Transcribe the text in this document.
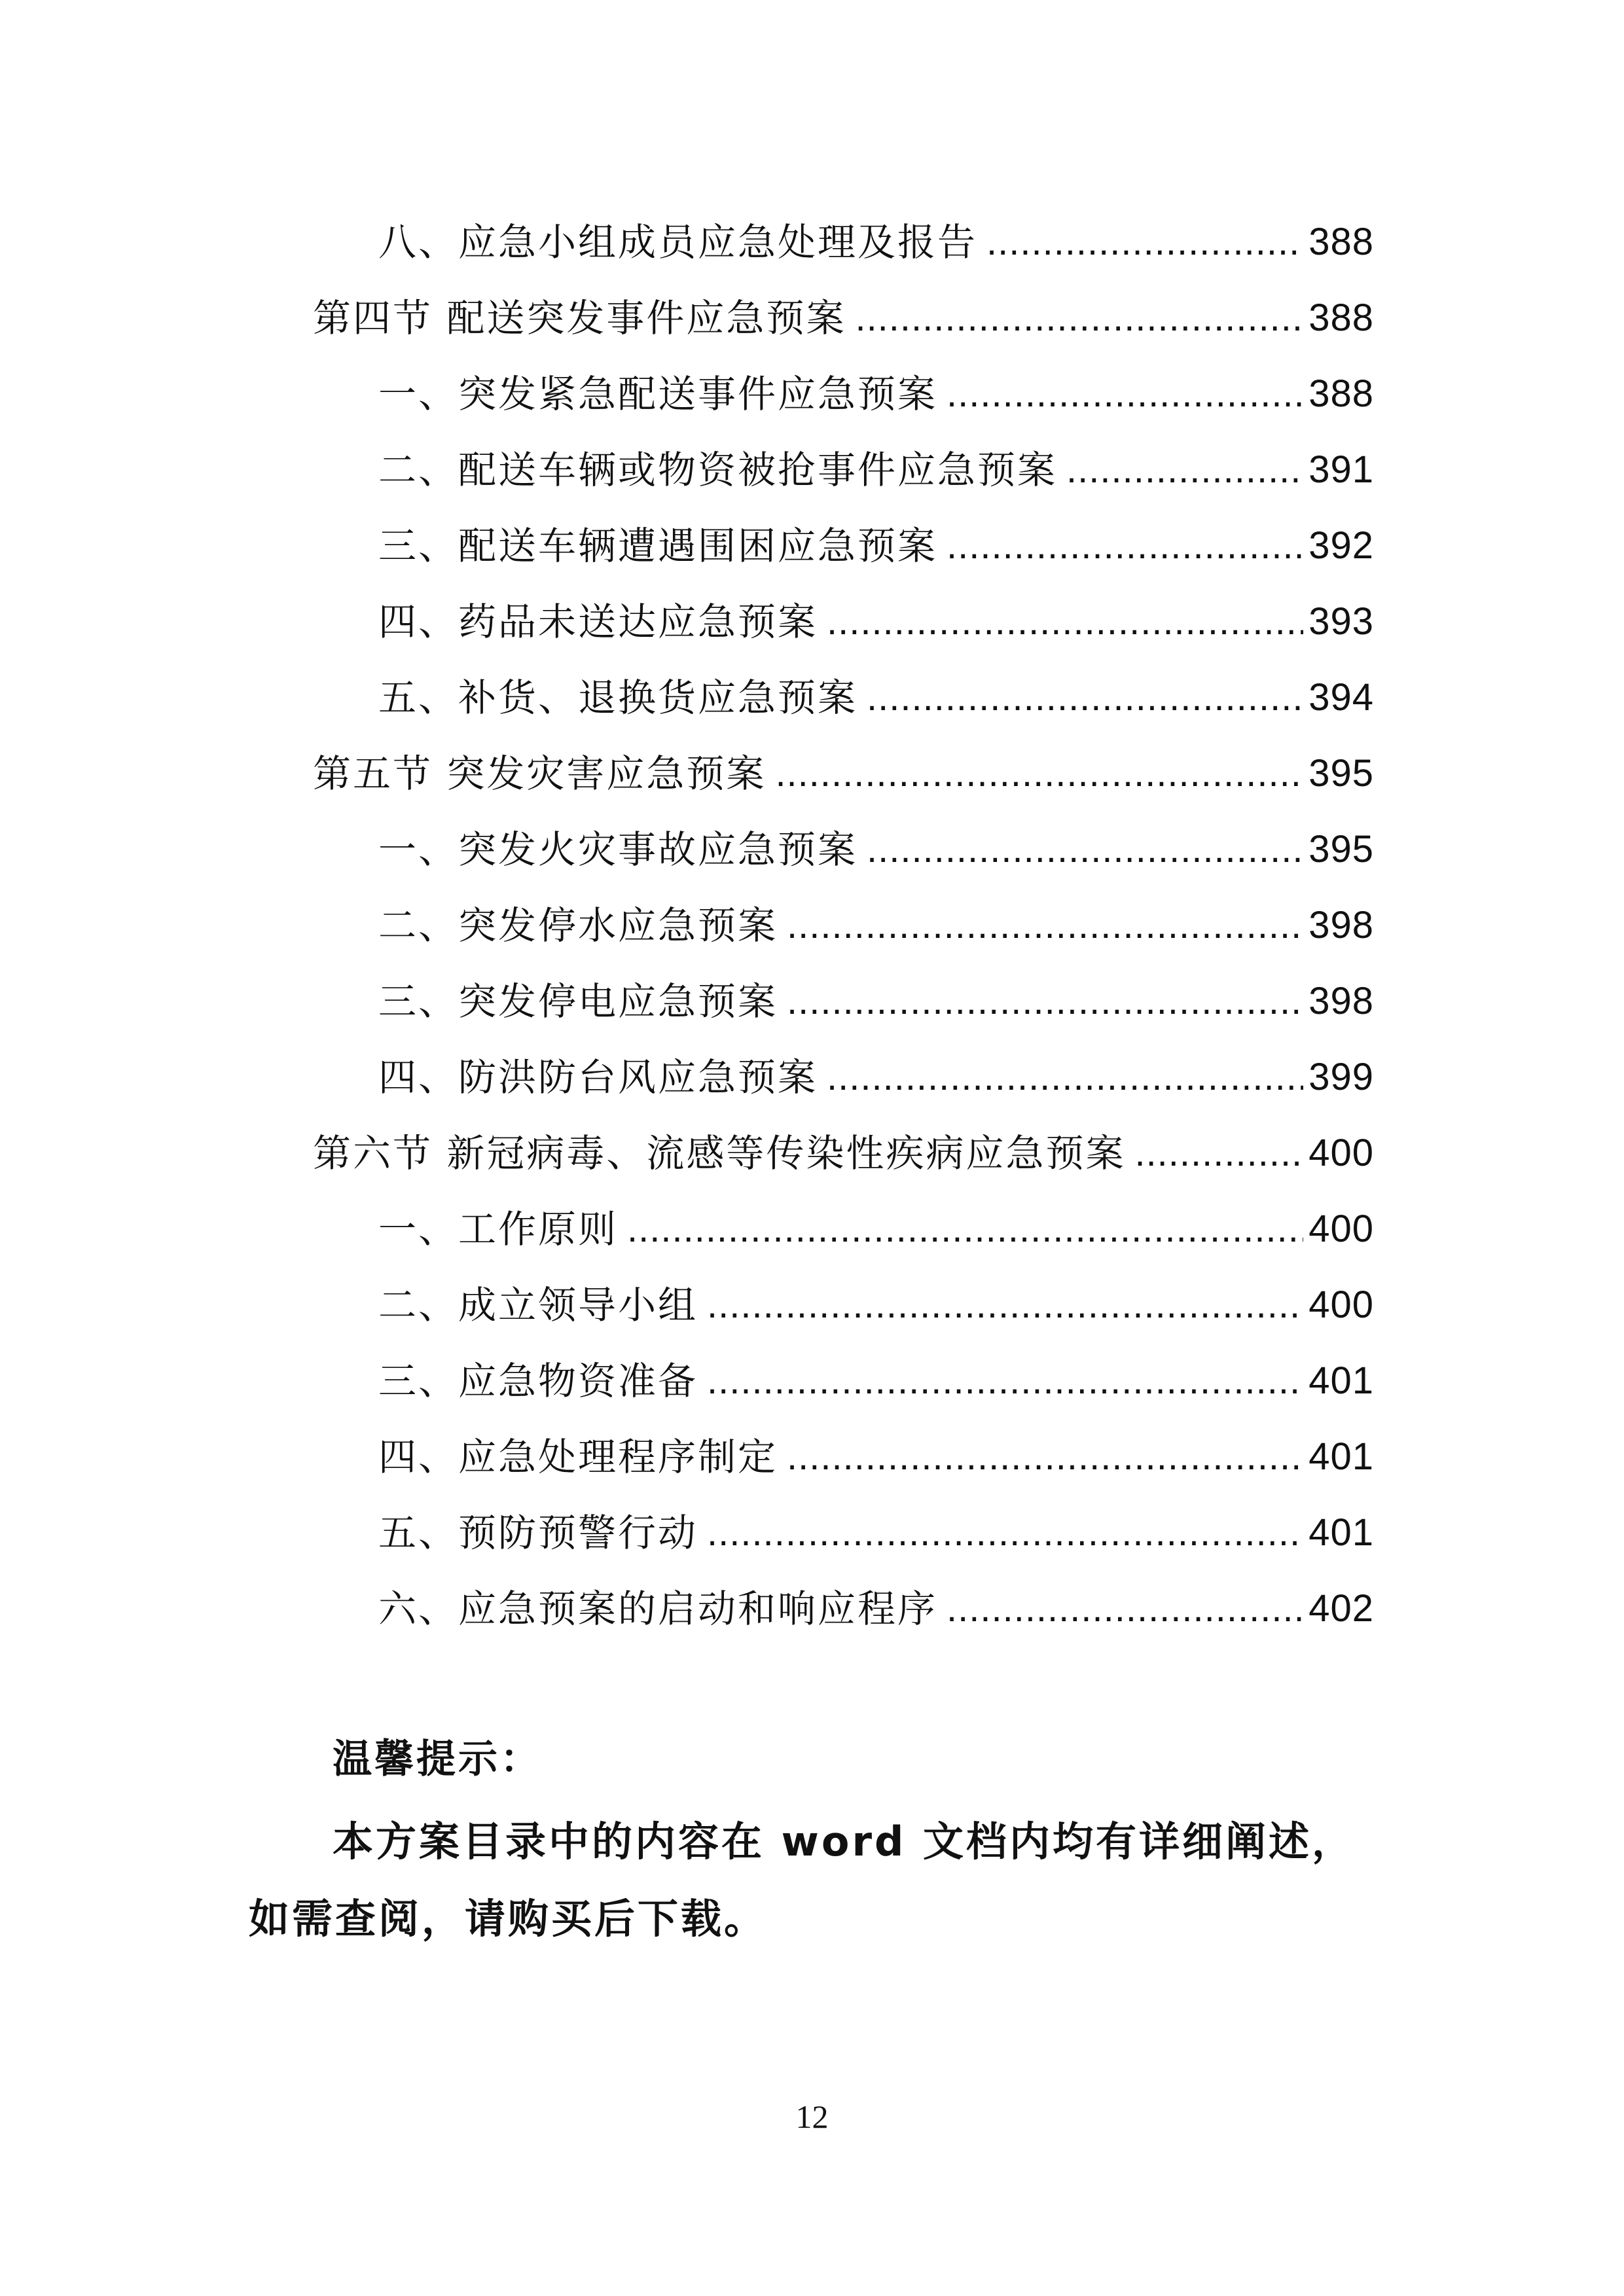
八、应急小组成员应急处理及报告 .....	388
第四节 配送突发事件应急预案 .....	388
一、突发紧急配送事件应急预案 .....	388
二、配送车辆或物资被抢事件应急预案 .....	391
三、配送车辆遭遇围困应急预案 .....	392
四、药品未送达应急预案 .....	393
五、补货、退换货应急预案 .....	394
第五节 突发灾害应急预案 .....	395
一、突发火灾事故应急预案 .....	395
二、突发停水应急预案 .....	398
三、突发停电应急预案 .....	398
四、防洪防台风应急预案 .....	399
第六节 新冠病毒、流感等传染性疾病应急预案 .....	400
一、工作原则 .....	400
二、成立领导小组 .....	400
三、应急物资准备 .....	401
四、应急处理程序制定 .....	401
五、预防预警行动 .....	401
六、应急预案的启动和响应程序 .....	402
温馨提示：
本方案目录中的内容在 word 文档内均有详细阐述，如需查阅，请购买后下载。
12
